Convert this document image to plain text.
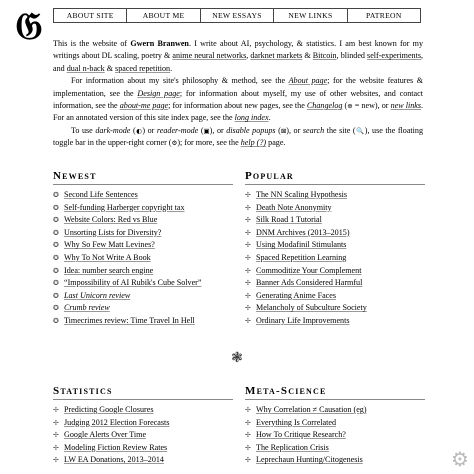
𝔊	ABOUT SITE	ABOUT ME	NEW ESSAYS	NEW LINKS	PATREON

This is the website of Gwern Branwen. I write about AI, psychology, & statistics. I am best known for my writings about DL scaling, poetry & anime neural networks, darknet markets & Bitcoin, blinded self-experiments, and dual n-back & spaced repetition.

For information about my site's philosophy & method, see the About page; for the website features & implementation, see the Design page; for information about myself, my use of other websites, and contact information, see the about-me page; for information about new pages, see the Changelog (⊕ = new), or new links. For an annotated version of this site index page, see the long index.

To use dark-mode (◐) or reader-mode (▣), or disable popups (⊠), or search the site (🔍), use the floating toggle bar in the upper-right corner (⚙); for more, see the help (?) page.

Newest
✪ Second Life Sentences
✪ Self-funding Harberger copyright tax
✪ Website Colors: Red vs Blue
✪ Unsorting Lists for Diversity?
✪ Why So Few Matt Levines?
✪ Why To Not Write A Book
✪ Idea: number search engine
✪ “Impossibility of AI Rubik's Cube Solver”
✪ Last Unicorn review
✪ Crumb review
✪ Timecrimes review: Time Travel In Hell
Popular
✢ The NN Scaling Hypothesis
✢ Death Note Anonymity
✢ Silk Road 1 Tutorial
✢ DNM Archives (2013–2015)
✢ Using Modafinil Stimulants
✢ Spaced Repetition Learning
✢ Commoditize Your Complement
✢ Banner Ads Considered Harmful
✢ Generating Anime Faces
✢ Melancholy of Subculture Society
✢ Ordinary Life Improvements
❃
Statistics
✢ Predicting Google Closures
✢ Judging 2012 Election Forecasts
✢ Google Alerts Over Time
✢ Modeling Fiction Review Rates
✢ LW EA Donations, 2013–2014
Meta-Science
✢ Why Correlation ≠ Causation (eg)
✢ Everything Is Correlated
✢ How To Critique Research?
✢ The Replication Crisis
✢ Leprechaun Hunting/Citogenesis	⚙
